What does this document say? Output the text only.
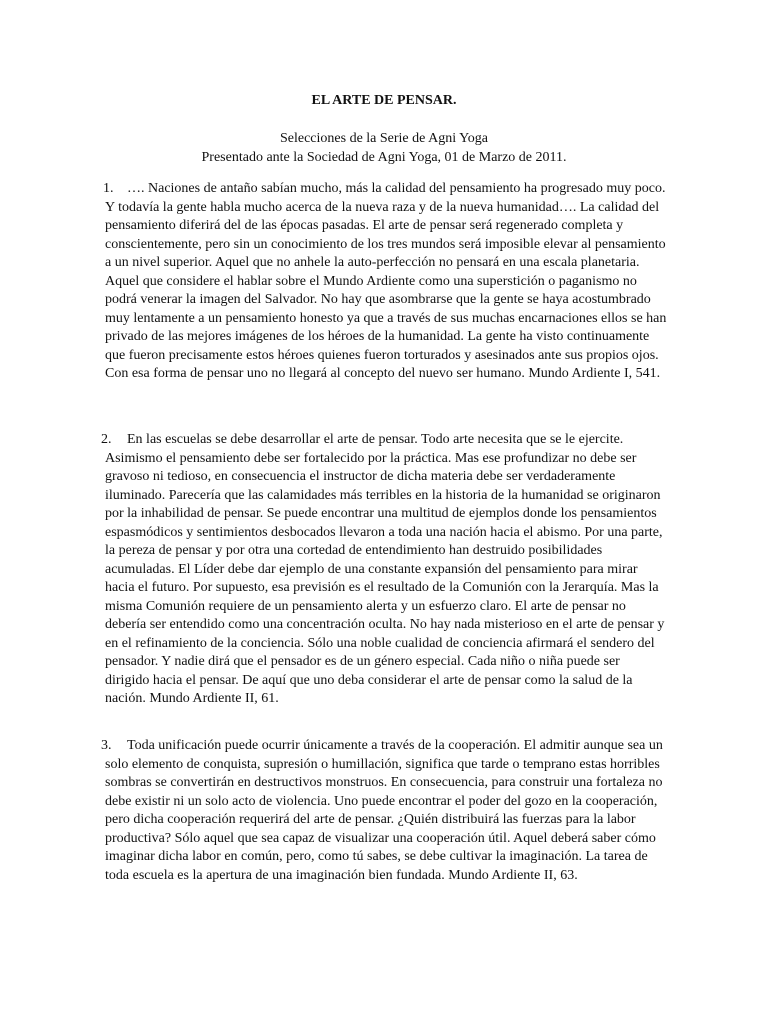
EL ARTE DE PENSAR.

Selecciones de la Serie de Agni Yoga

Presentado ante la Sociedad de Agni Yoga, 01 de Marzo de 2011.

1. …. Naciones de antaño sabían mucho, más la calidad del pensamiento ha progresado muy poco. Y todavía la gente habla mucho acerca de la nueva raza y de la nueva humanidad…. La calidad del pensamiento diferirá del de las épocas pasadas. El arte de pensar será regenerado completa y conscientemente, pero sin un conocimiento de los tres mundos será imposible elevar al pensamiento a un nivel superior. Aquel que no anhele la auto-perfección no pensará en una escala planetaria. Aquel que considere el hablar sobre el Mundo Ardiente como una superstición o paganismo no podrá venerar la imagen del Salvador. No hay que asombrarse que la gente se haya acostumbrado muy lentamente a un pensamiento honesto ya que a través de sus muchas encarnaciones ellos se han privado de las mejores imágenes de los héroes de la humanidad. La gente ha visto continuamente que fueron precisamente estos héroes quienes fueron torturados y asesinados ante sus propios ojos. Con esa forma de pensar uno no llegará al concepto del nuevo ser humano. Mundo Ardiente I, 541.
2.	En las escuelas se debe desarrollar el arte de pensar. Todo arte necesita que se le ejercite. Asimismo el pensamiento debe ser fortalecido por la práctica. Mas ese profundizar no debe ser gravoso ni tedioso, en consecuencia el instructor de dicha materia debe ser verdaderamente iluminado. Parecería que las calamidades más terribles en la historia de la humanidad se originaron por la inhabilidad de pensar. Se puede encontrar una multitud de ejemplos donde los pensamientos espasmódicos y sentimientos desbocados llevaron a toda una nación hacia el abismo. Por una parte, la pereza de pensar y por otra una cortedad de entendimiento han destruido posibilidades acumuladas. El Líder debe dar ejemplo de una constante expansión del pensamiento para mirar hacia el futuro. Por supuesto, esa previsión es el resultado de la Comunión con la Jerarquía. Mas la misma Comunión requiere de un pensamiento alerta y un esfuerzo claro. El arte de pensar no debería ser entendido como una concentración oculta. No hay nada misterioso en el arte de pensar y en el refinamiento de la conciencia. Sólo una noble cualidad de conciencia afirmará el sendero del pensador. Y nadie dirá que el pensador es de un género especial. Cada niño o niña puede ser dirigido hacia el pensar. De aquí que uno deba considerar el arte de pensar como la salud de la nación. Mundo Ardiente II, 61.
3.	Toda unificación puede ocurrir únicamente a través de la cooperación. El admitir aunque sea un solo elemento de conquista, supresión o humillación, significa que tarde o temprano estas horribles sombras se convertirán en destructivos monstruos. En consecuencia, para construir una fortaleza no debe existir ni un solo acto de violencia. Uno puede encontrar el poder del gozo en la cooperación, pero dicha cooperación requerirá del arte de pensar. ¿Quién distribuirá las fuerzas para la labor productiva? Sólo aquel que sea capaz de visualizar una cooperación útil. Aquel deberá saber cómo imaginar dicha labor en común, pero, como tú sabes, se debe cultivar la imaginación. La tarea de toda escuela es la apertura de una imaginación bien fundada. Mundo Ardiente II, 63.
